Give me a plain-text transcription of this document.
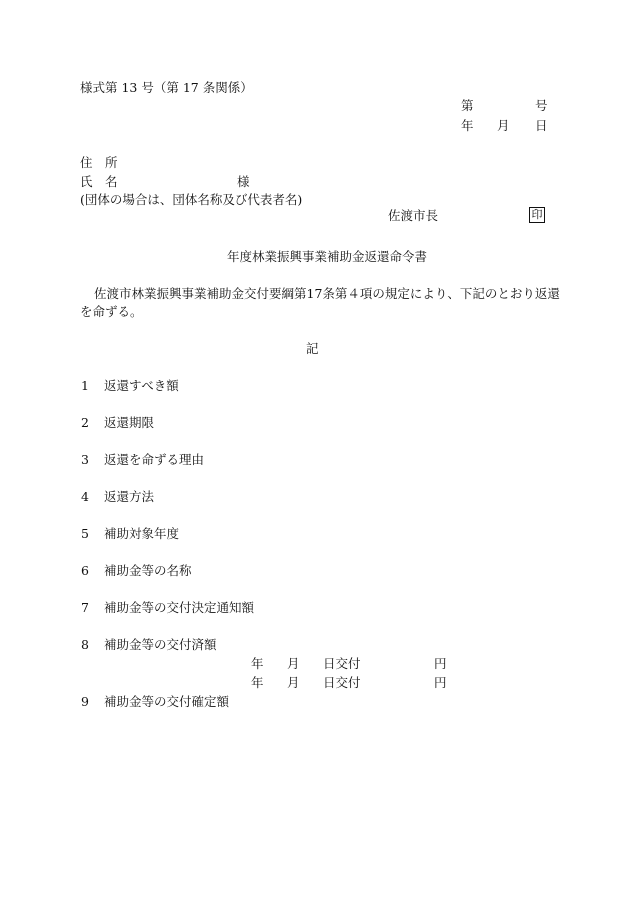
様式第 13 号（第 17 条関係）
第	号
年 月 日
住　所
氏　名	様
(団体の場合は、団体名称及び代表者名)
佐渡市長	印
年度林業振興事業補助金返還命令書
佐渡市林業振興事業補助金交付要綱第17条第４項の規定により、下記のとおり返還
を命ずる。
記
1 返還すべき額
2 返還期限
3 返還を命ずる理由
4 返還方法
5 補助対象年度
6 補助金等の名称
7 補助金等の交付決定通知額
8 補助金等の交付済額
年 月 日交付	円
年 月 日交付	円
9 補助金等の交付確定額
